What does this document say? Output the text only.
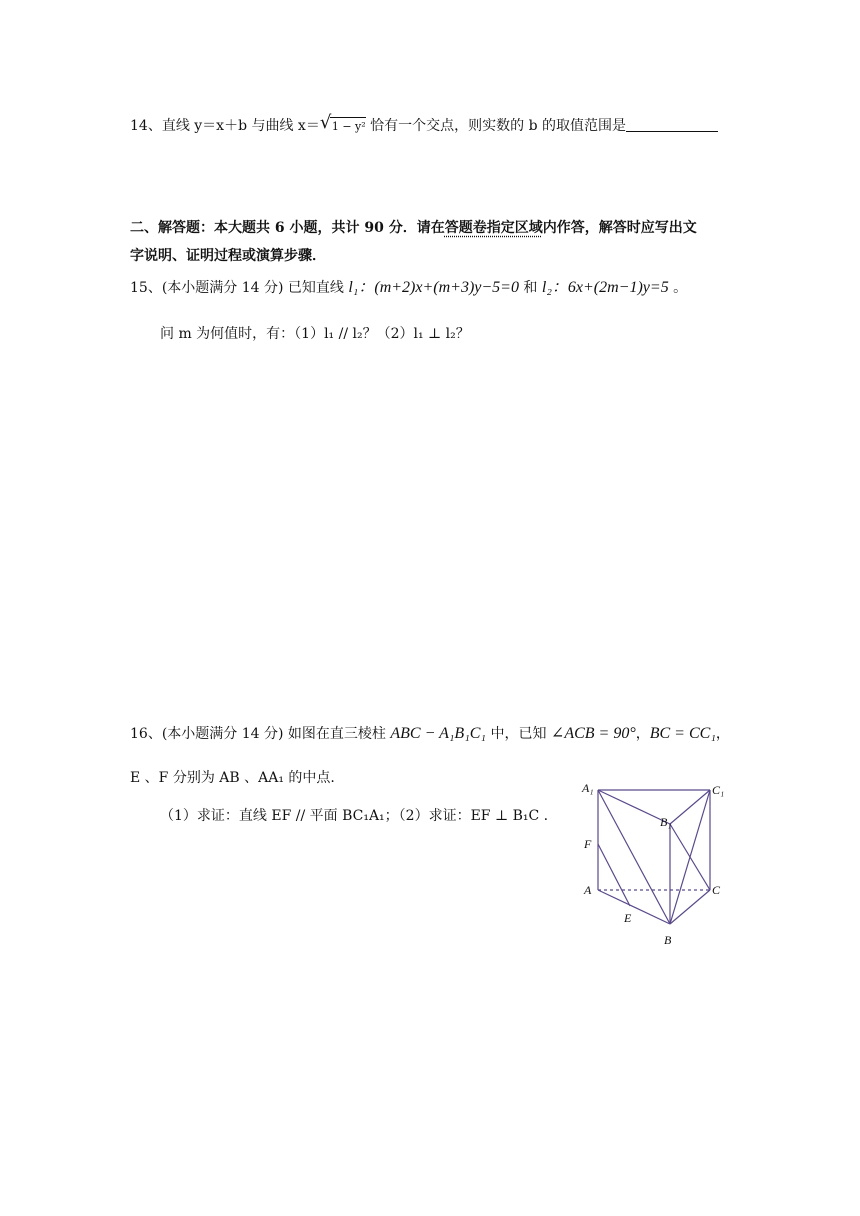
14、直线 y＝x＋b 与曲线 x＝ √ 1 − y² 恰有一个交点，则实数的 b 的取值范围是
二、解答题：本大题共 6 小题，共计 90 分．请在答题卷指定区域内作答，解答时应写出文
字说明、证明过程或演算步骤．
15、(本小题满分 14 分) 已知直线 l₁：(m+2)x+(m+3)y−5=0 和 l₂：6x+(2m−1)y=5 。
问 m 为何值时，有：（1）l₁ // l₂？（2）l₁ ⊥ l₂？
16、(本小题满分 14 分) 如图在直三棱柱 ABC − A₁B₁C₁ 中，已知 ∠ACB = 90°，BC = CC₁，
E 、F 分别为 AB 、AA₁ 的中点.
（1）求证：直线 EF // 平面 BC₁A₁；（2）求证：EF ⊥ B₁C .
A₁	C₁
B₁
F
A	C
E
B
